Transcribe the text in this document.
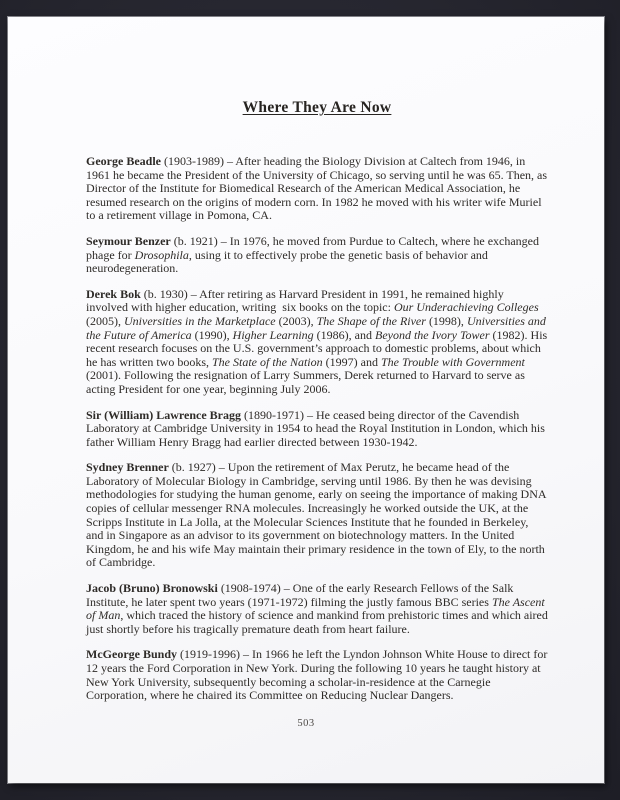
Where They Are Now

George Beadle (1903-1989) – After heading the Biology Division at Caltech from 1946, in 1961 he became the President of the University of Chicago, so serving until he was 65. Then, as Director of the Institute for Biomedical Research of the American Medical Association, he resumed research on the origins of modern corn. In 1982 he moved with his writer wife Muriel to a retirement village in Pomona, CA.

Seymour Benzer (b. 1921) – In 1976, he moved from Purdue to Caltech, where he exchanged phage for Drosophila, using it to effectively probe the genetic basis of behavior and neurodegeneration.

Derek Bok (b. 1930) – After retiring as Harvard President in 1991, he remained highly involved with higher education, writing  six books on the topic: Our Underachieving Colleges (2005), Universities in the Marketplace (2003), The Shape of the River (1998), Universities and the Future of America (1990), Higher Learning (1986), and Beyond the Ivory Tower (1982). His recent research focuses on the U.S. government’s approach to domestic problems, about which he has written two books, The State of the Nation (1997) and The Trouble with Government (2001). Following the resignation of Larry Summers, Derek returned to Harvard to serve as acting President for one year, beginning July 2006.

Sir (William) Lawrence Bragg (1890-1971) – He ceased being director of the Cavendish Laboratory at Cambridge University in 1954 to head the Royal Institution in London, which his father William Henry Bragg had earlier directed between 1930-1942.

Sydney Brenner (b. 1927) – Upon the retirement of Max Perutz, he became head of the Laboratory of Molecular Biology in Cambridge, serving until 1986. By then he was devising methodologies for studying the human genome, early on seeing the importance of making DNA copies of cellular messenger RNA molecules. Increasingly he worked outside the UK, at the Scripps Institute in La Jolla, at the Molecular Sciences Institute that he founded in Berkeley, and in Singapore as an advisor to its government on biotechnology matters. In the United Kingdom, he and his wife May maintain their primary residence in the town of Ely, to the north of Cambridge.

Jacob (Bruno) Bronowski (1908-1974) – One of the early Research Fellows of the Salk Institute, he later spent two years (1971-1972) filming the justly famous BBC series The Ascent of Man, which traced the history of science and mankind from prehistoric times and which aired just shortly before his tragically premature death from heart failure.

McGeorge Bundy (1919-1996) – In 1966 he left the Lyndon Johnson White House to direct for 12 years the Ford Corporation in New York. During the following 10 years he taught history at New York University, subsequently becoming a scholar-in-residence at the Carnegie Corporation, where he chaired its Committee on Reducing Nuclear Dangers.

503
